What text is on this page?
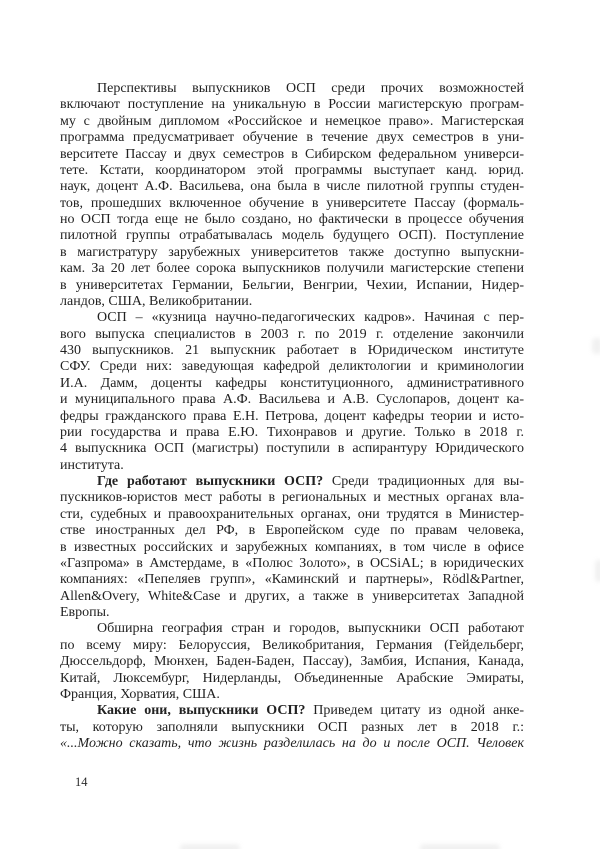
Перспективы выпускников ОСП среди прочих возможностей
включают поступление на уникальную в России магистерскую програм-
му с двойным дипломом «Российское и немецкое право». Магистерская
программа предусматривает обучение в течение двух семестров в уни-
верситете Пассау и двух семестров в Сибирском федеральном универси-
тете. Кстати, координатором этой программы выступает канд. юрид.
наук, доцент А.Ф. Васильева, она была в числе пилотной группы студен-
тов, прошедших включенное обучение в университете Пассау (формаль-
но ОСП тогда еще не было создано, но фактически в процессе обучения
пилотной группы отрабатывалась модель будущего ОСП). Поступление
в магистратуру зарубежных университетов также доступно выпускни-
кам. За 20 лет более сорока выпускников получили магистерские степени
в университетах Германии, Бельгии, Венгрии, Чехии, Испании, Нидер-
ландов, США, Великобритании.
ОСП – «кузница научно-педагогических кадров». Начиная с пер-
вого выпуска специалистов в 2003 г. по 2019 г. отделение закончили
430 выпускников. 21 выпускник работает в Юридическом институте
СФУ. Среди них: заведующая кафедрой деликтологии и криминологии
И.А. Дамм, доценты кафедры конституционного, административного
и муниципального права А.Ф. Васильева и А.В. Суслопаров, доцент ка-
федры гражданского права Е.Н. Петрова, доцент кафедры теории и исто-
рии государства и права Е.Ю. Тихонравов и другие. Только в 2018 г.
4 выпускника ОСП (магистры) поступили в аспирантуру Юридического
института.
Где работают выпускники ОСП? Среди традиционных для вы-
пускников-юристов мест работы в региональных и местных органах вла-
сти, судебных и правоохранительных органах, они трудятся в Министер-
стве иностранных дел РФ, в Европейском суде по правам человека,
в известных российских и зарубежных компаниях, в том числе в офисе
«Газпрома» в Амстердаме, в «Полюс Золото», в OCSiAL; в юридических
компаниях: «Пепеляев групп», «Каминский и партнеры», Rödl&Partner,
Allen&Overy, White&Case и других, а также в университетах Западной
Европы.
Обширна география стран и городов, выпускники ОСП работают
по всему миру: Белоруссия, Великобритания, Германия (Гейдельберг,
Дюссельдорф, Мюнхен, Баден-Баден, Пассау), Замбия, Испания, Канада,
Китай, Люксембург, Нидерланды, Объединенные Арабские Эмираты,
Франция, Хорватия, США.
Какие они, выпускники ОСП? Приведем цитату из одной анке-
ты, которую заполняли выпускники ОСП разных лет в 2018 г.:
«...Можно сказать, что жизнь разделилась на до и после ОСП. Человек
14
